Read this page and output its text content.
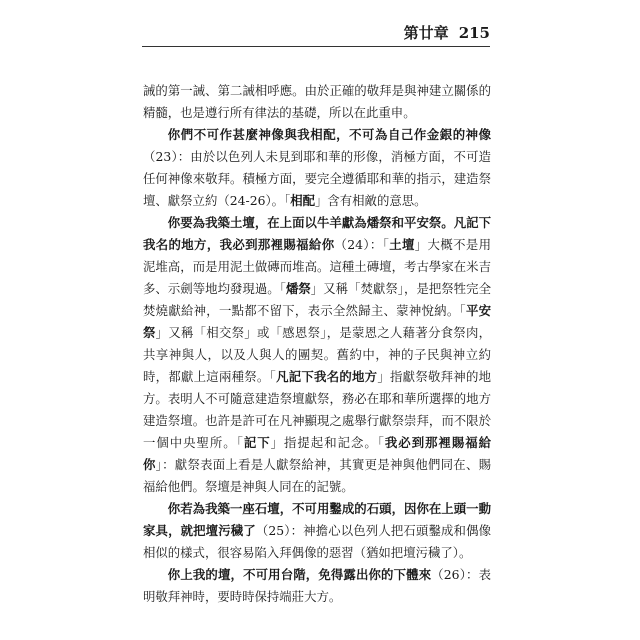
第廿章 215

誡的第一誡、第二誡相呼應。由於正確的敬拜是與神建立關係的精髓，也是遵行所有律法的基礎，所以在此重申。

你們不可作甚麼神像與我相配，不可為自己作金銀的神像（23）：由於以色列人未見到耶和華的形像，消極方面，不可造任何神像來敬拜。積極方面，要完全遵循耶和華的指示，建造祭壇、獻祭立約（24-26）。「相配」含有相敵的意思。

你要為我築土壇，在上面以牛羊獻為燔祭和平安祭。凡記下我名的地方，我必到那裡賜福給你（24）：「土壇」大概不是用泥堆高，而是用泥土做磚而堆高。這種土磚壇，考古學家在米吉多、示劍等地均發現過。「燔祭」又稱「焚獻祭」，是把祭牲完全焚燒獻給神，一點都不留下，表示全然歸主、蒙神悅納。「平安祭」又稱「相交祭」或「感恩祭」，是蒙恩之人藉著分食祭肉，共享神與人，以及人與人的團契。舊約中，神的子民與神立約時，都獻上這兩種祭。「凡記下我名的地方」指獻祭敬拜神的地方。表明人不可隨意建造祭壇獻祭，務必在耶和華所選擇的地方建造祭壇。也許是許可在凡神顯現之處舉行獻祭崇拜，而不限於一個中央聖所。「記下」指提起和記念。「我必到那裡賜福給你」：獻祭表面上看是人獻祭給神，其實更是神與他們同在、賜福給他們。祭壇是神與人同在的記號。

你若為我築一座石壇，不可用鑿成的石頭，因你在上頭一動家具，就把壇污穢了（25）：神擔心以色列人把石頭鑿成和偶像相似的樣式，很容易陷入拜偶像的惡習（猶如把壇污穢了）。

你上我的壇，不可用台階，免得露出你的下體來（26）：表明敬拜神時，要時時保持端莊大方。
